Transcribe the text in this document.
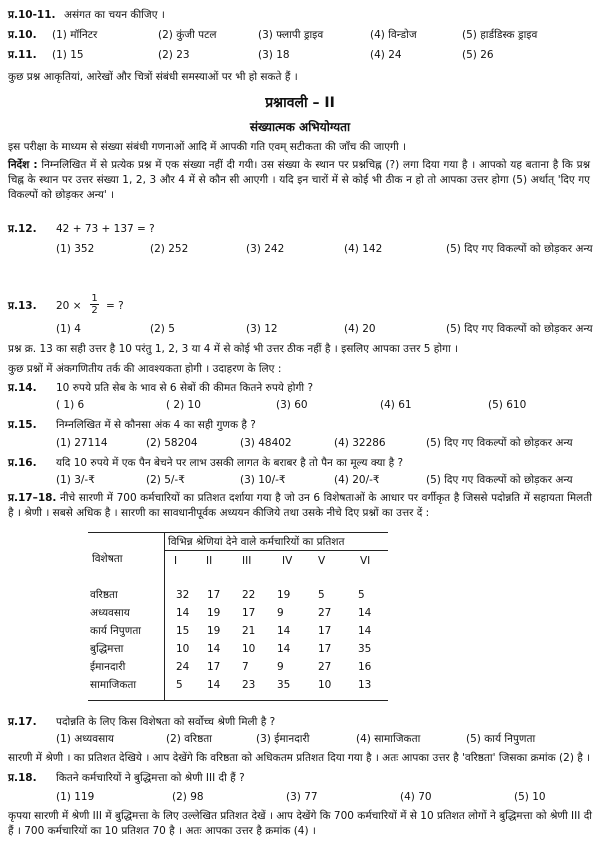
प्र.10-11. असंगत का चयन कीजिए ।
प्र.10. (1) मॉनिटर	(2) कुंजी पटल	(3) फ्लापी ड्राइव	(4) विन्डोज	(5) हार्डडिस्क ड्राइव
प्र.11. (1) 15	(2) 23	(3) 18	(4) 24	(5) 26
कुछ प्रश्न आकृतियां, आरेखों और चित्रों संबंधी समस्याओं पर भी हो सकते हैं ।
प्रश्नावली – II
संख्यात्मक अभियोग्यता
इस परीक्षा के माध्यम से संख्या संबंधी गणनाओं आदि में आपकी गति एवम् सटीकता की जाँच की जाएगी ।
निर्देश : निम्नलिखित में से प्रत्येक प्रश्न में एक संख्या नहीं दी गयी। उस संख्या के स्थान पर प्रश्नचिह्न (?) लगा दिया गया है । आपको यह बताना है कि प्रश्न चिह्न के स्थान पर उत्तर संख्या 1, 2, 3 और 4 में से कौन सी आएगी । यदि इन चारों में से कोई भी ठीक न हो तो आपका उत्तर होगा (5) अर्थात् 'दिए गए विकल्पों को छोड़कर अन्य' ।
प्र.12. 42 + 73 + 137 = ?
(1) 352	(2) 252	(3) 242	(4) 142	(5) दिए गए विकल्पों को छोड़कर अन्य
प्र.13. $20 \times \frac{1}{2}$ = ?
(1) 4	(2) 5	(3) 12	(4) 20	(5) दिए गए विकल्पों को छोड़कर अन्य
प्रश्न क्र. 13 का सही उत्तर है 10 परंतु 1, 2, 3 या 4 में से कोई भी उत्तर ठीक नहीं है । इसलिए आपका उत्तर 5 होगा ।
कुछ प्रश्नों में अंकगणितीय तर्क की आवश्यकता होगी । उदाहरण के लिए :
प्र.14. 10 रुपये प्रति सेब के भाव से 6 सेबों की कीमत कितने रुपये होगी ?
( 1) 6	( 2) 10	(3) 60	(4) 61	(5) 610
प्र.15. निम्नलिखित में से कौनसा अंक 4 का सही गुणक है ?
(1) 27114	(2) 58204	(3) 48402	(4) 32286	(5) दिए गए विकल्पों को छोड़कर अन्य
प्र.16. यदि 10 रुपये में एक पैन बेचने पर लाभ उसकी लागत के बराबर है तो पैन का मूल्य क्या है ?
(1) 3/-₹	(2) 5/-₹	(3) 10/-₹	(4) 20/-₹	(5) दिए गए विकल्पों को छोड़कर अन्य
प्र.17–18. नीचे सारणी में 700 कर्मचारियों का प्रतिशत दर्शाया गया है जो उन 6 विशेषताओं के आधार पर वर्गीकृत है जिससे पदोन्नति में सहायता मिलती है । श्रेणी । सबसे अधिक है । सारणी का सावधानीपूर्वक अध्ययन कीजिये तथा उसके नीचे दिए प्रश्नों का उत्तर दें :
विभिन्न श्रेणियां देने वाले कर्मचारियों का प्रतिशत
विशेषता	I	II	III	IV V	VI
वरिष्ठता	32 17 22 19	5	5
अध्यवसाय	14 19 17 9	27	14
कार्य निपुणता	15 19 21 14	17	14
बुद्धिमत्ता	10 14 10 14	17	35
ईमानदारी	24 17 7	9	27	16
सामाजिकता	5 14 23 35	10	13
प्र.17. पदोन्नति के लिए किस विशेषता को सर्वोच्च श्रेणी मिली है ?
(1) अध्यवसाय	(2) वरिष्ठता	(3) ईमानदारी	(4) सामाजिकता	(5) कार्य निपुणता
सारणी में श्रेणी । का प्रतिशत देखिये । आप देखेंगे कि वरिष्ठता को अधिकतम प्रतिशत दिया गया है । अतः आपका उत्तर है 'वरिष्ठता' जिसका क्रमांक (2) है ।
प्र.18. कितने कर्मचारियों ने बुद्धिमत्ता को श्रेणी III दी हैं ?
(1) 119	(2) 98	(3) 77	(4) 70	(5) 10
कृपया सारणी में श्रेणी III में बुद्धिमत्ता के लिए उल्लेखित प्रतिशत देखें । आप देखेंगे कि 700 कर्मचारियों में से 10 प्रतिशत लोगों ने बुद्धिमत्ता को श्रेणी III दी हैं । 700 कर्मचारियों का 10 प्रतिशत 70 है । अतः आपका उत्तर है क्रमांक (4) ।
